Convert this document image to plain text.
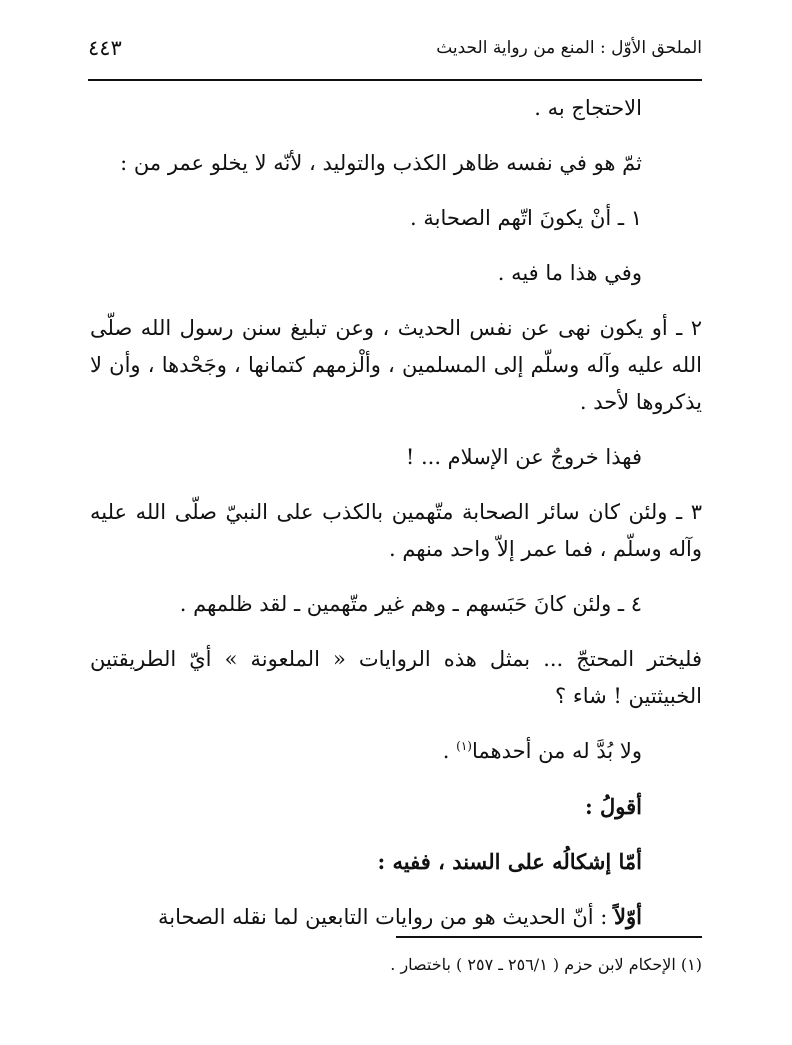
الملحق الأوّل : المنع من رواية الحديث
٤٤٣

الاحتجاج به .

ثمّ هو في نفسه ظاهر الكذب والتوليد ، لأنّه لا يخلو عمر من :

١ ـ أنْ يكونَ اتّهم الصحابة .

وفي هذا ما فيه .

٢ ـ أو يكون نهى عن نفس الحديث ، وعن تبليغ سنن رسول الله صلّى الله عليه وآله وسلّم إلى المسلمين ، وألْزمهم كتمانها ، وجَحْدها ، وأن لا يذكروها لأحد .

فهذا خروجٌ عن الإسلام ... !

٣ ـ ولئن كان سائر الصحابة متّهمين بالكذب على النبيّ صلّى الله عليه وآله وسلّم ، فما عمر إلاّ واحد منهم .

٤ ـ ولئن كانَ حَبَسهم ـ وهم غير متّهمين ـ لقد ظلمهم .

فليختر المحتجّ ... بمثل هذه الروايات « الملعونة » أيّ الطريقتين الخبيثتين ! شاء ؟

ولا بُدَّ له من أحدهما$^{(١)}$ .

أقولُ :

أمّا إشكالُه على السند ، ففيه :

أوّلاً : أنّ الحديث هو من روايات التابعين لما نقله الصحابة

(١) الإحكام لابن حزم ( ٢٥٦/١ ـ ٢٥٧ ) باختصار .
